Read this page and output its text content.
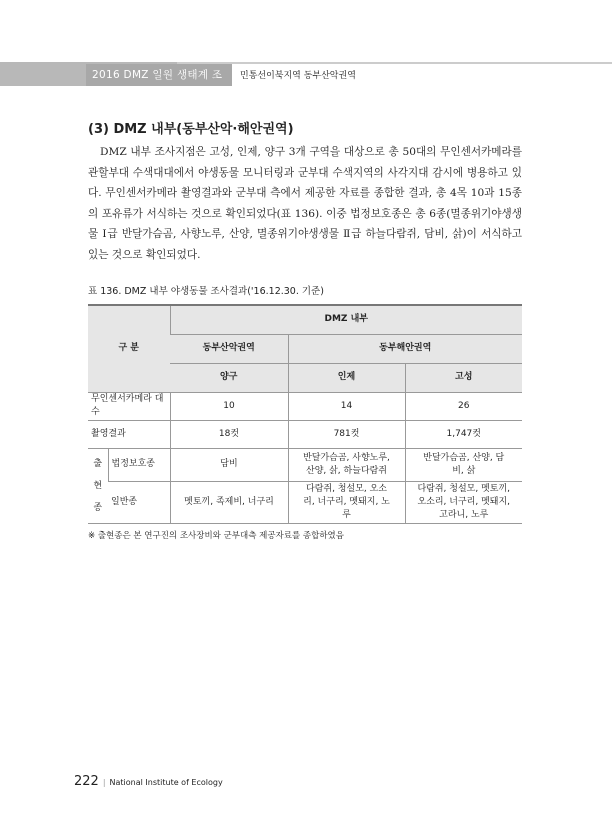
2016 DMZ 일원 생태계 조사
민통선이북지역 동부산악권역
(3) DMZ 내부(동부산악·해안권역)

DMZ 내부 조사지점은 고성, 인제, 양구 3개 구역을 대상으로 총 50대의 무인센서카메라를 관할부대 수색대대에서 야생동물 모니터링과 군부대 수색지역의 사각지대 감시에 병용하고 있다. 무인센서카메라 촬영결과와 군부대 측에서 제공한 자료를 종합한 결과, 총 4목 10과 15종의 포유류가 서식하는 것으로 확인되었다(표 136). 이중 법정보호종은 총 6종(멸종위기야생생물 Ⅰ급 반달가슴곰, 사향노루, 산양, 멸종위기야생생물 Ⅱ급 하늘다람쥐, 담비, 삵)이 서식하고 있는 것으로 확인되었다.

표 136. DMZ 내부 야생동물 조사결과('16.12.30. 기준)
구 분		DMZ 내부		
		동부산악권역	동부해안권역	
		양구	인제	고성
무인센서카메라 대수		10	14	26
촬영결과		18컷	781컷	1,747컷
출 현 종	법정보호종	담비	반달가슴곰, 사향노루, 산양, 삵, 하늘다람쥐	반달가슴곰, 산양, 담비, 삵
	일반종	멧토끼, 족제비, 너구리	다람쥐, 청설모, 오소리, 너구리, 멧돼지, 노루	다람쥐, 청설모, 멧토끼, 오소리, 너구리, 멧돼지, 고라니, 노루
※ 출현종은 본 연구진의 조사장비와 군부대측 제공자료를 종합하였음
222 | National Institute of Ecology
